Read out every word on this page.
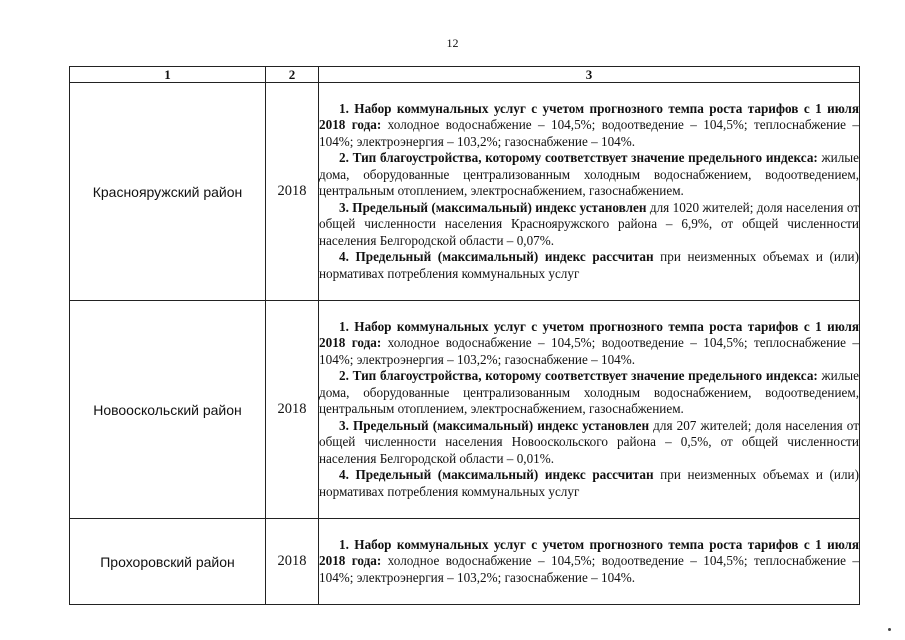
12
1	2	3
Краснояружский район	2018	1. Набор коммунальных услуг с учетом прогнозного темпа роста тарифов с 1 июля 2018 года: холодное водоснабжение – 104,5%; водоотведение – 104,5%; теплоснабжение – 104%; электроэнергия – 103,2%; газоснабжение – 104%.

2. Тип благоустройства, которому соответствует значение предельного индекса: жилые дома, оборудованные централизованным холодным водоснабжением, водоотведением, центральным отоплением, электроснабжением, газоснабжением.

3. Предельный (максимальный) индекс установлен для 1020 жителей; доля населения от общей численности населения Краснояружского района – 6,9%, от общей численности населения Белгородской области – 0,07%.

4. Предельный (максимальный) индекс рассчитан при неизменных объемах и (или) нормативах потребления коммунальных услуг

Новооскольский район	2018	1. Набор коммунальных услуг с учетом прогнозного темпа роста тарифов с 1 июля 2018 года: холодное водоснабжение – 104,5%; водоотведение – 104,5%; теплоснабжение – 104%; электроэнергия – 103,2%; газоснабжение – 104%.

2. Тип благоустройства, которому соответствует значение предельного индекса: жилые дома, оборудованные централизованным холодным водоснабжением, водоотведением, центральным отоплением, электроснабжением, газоснабжением.

3. Предельный (максимальный) индекс установлен для 207 жителей; доля населения от общей численности населения Новооскольского района – 0,5%, от общей численности населения Белгородской области – 0,01%.

4. Предельный (максимальный) индекс рассчитан при неизменных объемах и (или) нормативах потребления коммунальных услуг

Прохоровский район	2018	1. Набор коммунальных услуг с учетом прогнозного темпа роста тарифов с 1 июля 2018 года: холодное водоснабжение – 104,5%; водоотведение – 104,5%; теплоснабжение – 104%; электроэнергия – 103,2%; газоснабжение – 104%.
